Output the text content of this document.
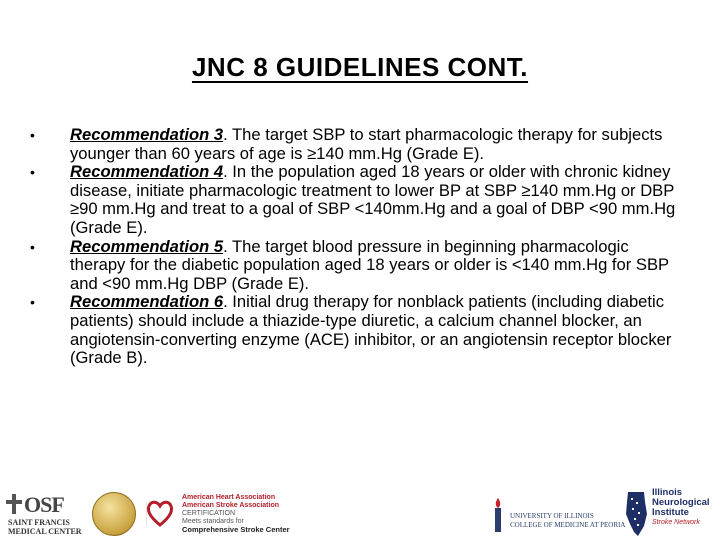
JNC 8 GUIDELINES CONT.
• Recommendation 3. The target SBP to start pharmacologic therapy for subjects younger than 60 years of age is ≥140 mm.Hg (Grade E).
• Recommendation 4. In the population aged 18 years or older with chronic kidney disease, initiate pharmacologic treatment to lower BP at SBP ≥140 mm.Hg or DBP ≥90 mm.Hg and treat to a goal of SBP <140mm.Hg and a goal of DBP <90 mm.Hg (Grade E).
• Recommendation 5. The target blood pressure in beginning pharmacologic therapy for the diabetic population aged 18 years or older is <140 mm.Hg for SBP and <90 mm.Hg DBP (Grade E).
• Recommendation 6. Initial drug therapy for nonblack patients (including diabetic patients) should include a thiazide-type diuretic, a calcium channel blocker, an angiotensin-converting enzyme (ACE) inhibitor, or an angiotensin receptor blocker (Grade B).
OSF
SAINT FRANCIS
MEDICAL CENTER
American Heart Association
American Stroke Association
CERTIFICATION
Meets standards for
Comprehensive Stroke Center
UNIVERSITY OF ILLINOIS
COLLEGE OF MEDICINE AT PEORIA
Illinois
Neurological
Institute
Stroke Network
